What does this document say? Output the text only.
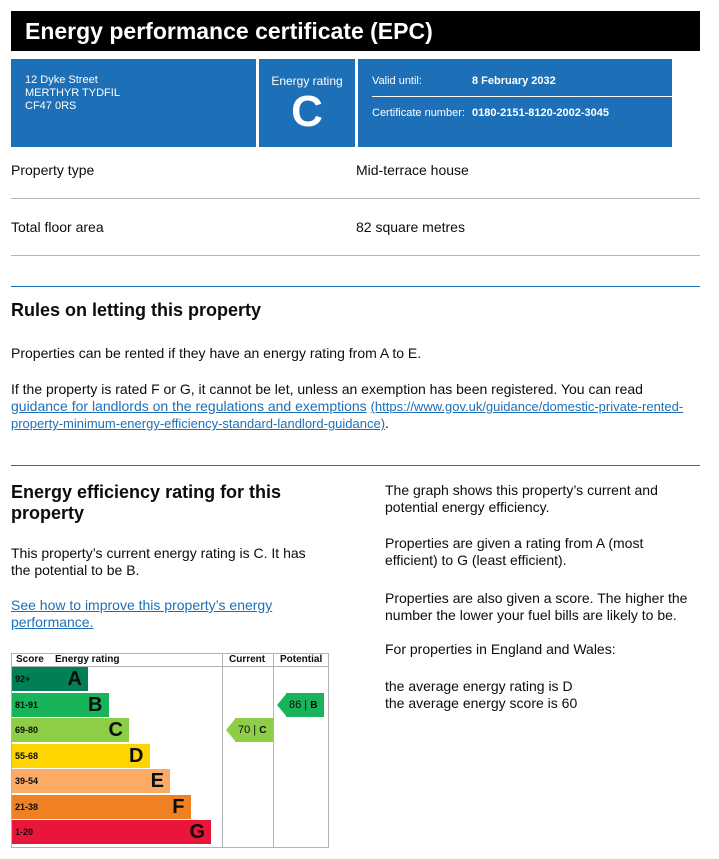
Energy performance certificate (EPC)
12 Dyke Street
MERTHYR TYDFIL
CF47 0RS
Energy rating
C
Valid until:	8 February 2032
Certificate number: 0180-2151-8120-2002-3045
Property type	Mid-terrace house
Total floor area	82 square metres
Rules on letting this property
Properties can be rented if they have an energy rating from A to E.
If the property is rated F or G, it cannot be let, unless an exemption has been registered. You can read
guidance for landlords on the regulations and exemptions (https://www.gov.uk/guidance/domestic-private-rented-
property-minimum-energy-efficiency-standard-landlord-guidance).
Energy efficiency rating for this
property
This property’s current energy rating is C. It has
the potential to be B.
See how to improve this property’s energy
performance.
The graph shows this property’s current and
potential energy efficiency.
Properties are given a rating from A (most
efficient) to G (least efficient).
Properties are also given a score. The higher the
number the lower your fuel bills are likely to be.
For properties in England and Wales:
the average energy rating is D
the average energy score is 60
Score Energy rating	Current Potential
92+	A
81-91	B
69-80	C
55-68	D
39-54	E
21-38	F
1-20	G
70 | C
86 | B
